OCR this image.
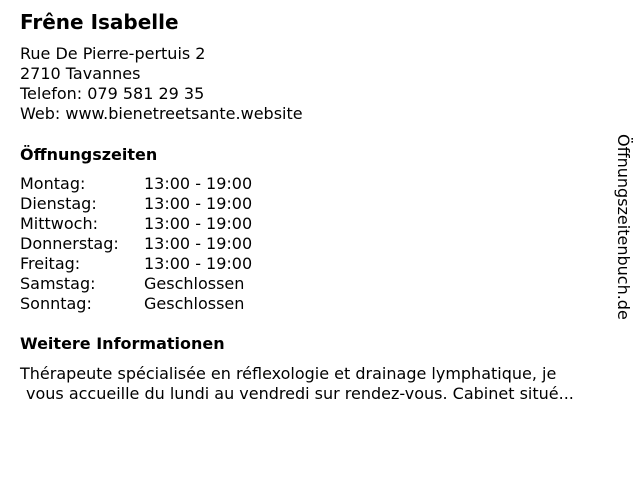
Frêne Isabelle
Rue De Pierre-pertuis 2
2710 Tavannes
Telefon: 079 581 29 35
Web: www.bienetreetsante.website
Öffnungszeiten
Montag:	13:00 - 19:00
Dienstag:	13:00 - 19:00
Mittwoch:	13:00 - 19:00
Donnerstag: 13:00 - 19:00
Freitag:	13:00 - 19:00
Samstag:	Geschlossen
Sonntag:	Geschlossen
Weitere Informationen
Thérapeute spécialisée en réflexologie et drainage lymphatique, je
vous accueille du lundi au vendredi sur rendez-vous. Cabinet situé...
Öffnungszeitenbuch.de
